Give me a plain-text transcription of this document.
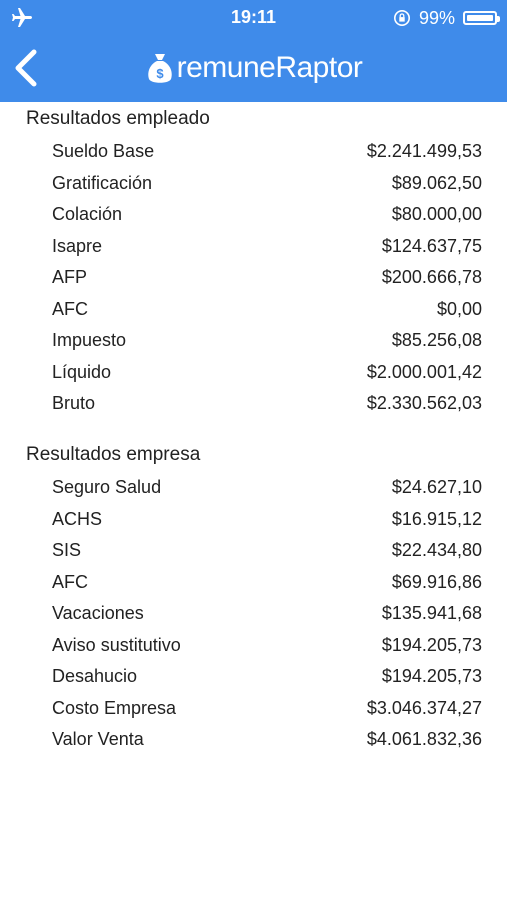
19:11	99%
$ remuneRaptor
Resultados empleado
Sueldo Base	$2.241.499,53
Gratificación	$89.062,50
Colación	$80.000,00
Isapre	$124.637,75
AFP	$200.666,78
AFC	$0,00
Impuesto	$85.256,08
Líquido	$2.000.001,42
Bruto	$2.330.562,03
Resultados empresa
Seguro Salud	$24.627,10
ACHS	$16.915,12
SIS	$22.434,80
AFC	$69.916,86
Vacaciones	$135.941,68
Aviso sustitutivo	$194.205,73
Desahucio	$194.205,73
Costo Empresa	$3.046.374,27
Valor Venta	$4.061.832,36
